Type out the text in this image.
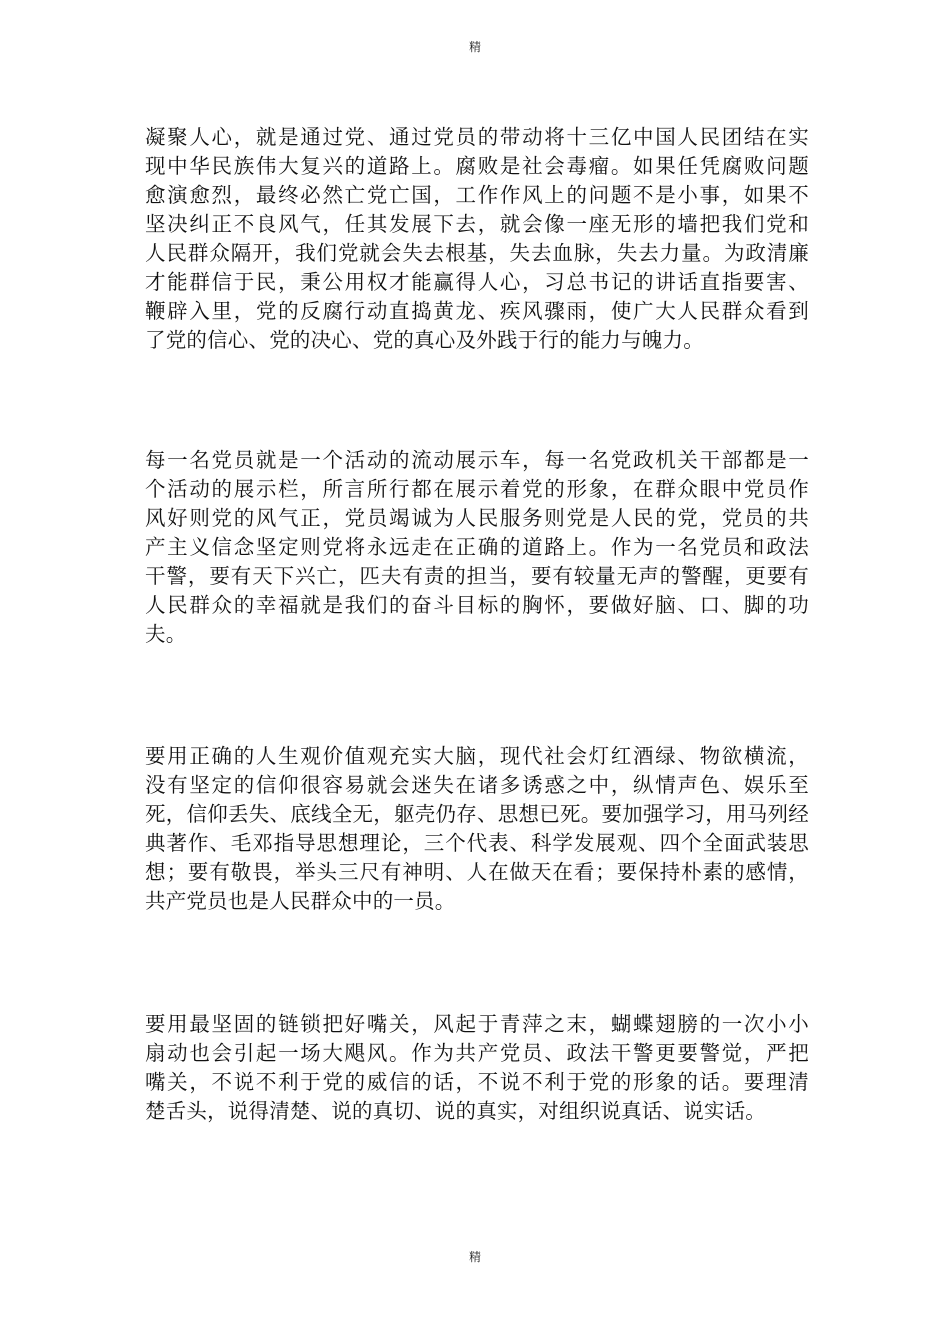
精
凝聚人心，就是通过党、通过党员的带动将十三亿中国人民团结在实
现中华民族伟大复兴的道路上。腐败是社会毒瘤。如果任凭腐败问题
愈演愈烈，最终必然亡党亡国，工作作风上的问题不是小事，如果不
坚决纠正不良风气，任其发展下去，就会像一座无形的墙把我们党和
人民群众隔开，我们党就会失去根基，失去血脉，失去力量。为政清廉
才能群信于民，秉公用权才能赢得人心，习总书记的讲话直指要害、
鞭辟入里，党的反腐行动直捣黄龙、疾风骤雨，使广大人民群众看到
了党的信心、党的决心、党的真心及外践于行的能力与魄力。
每一名党员就是一个活动的流动展示车，每一名党政机关干部都是一
个活动的展示栏，所言所行都在展示着党的形象，在群众眼中党员作
风好则党的风气正，党员竭诚为人民服务则党是人民的党，党员的共
产主义信念坚定则党将永远走在正确的道路上。作为一名党员和政法
干警，要有天下兴亡，匹夫有责的担当，要有较量无声的警醒，更要有
人民群众的幸福就是我们的奋斗目标的胸怀，要做好脑、口、脚的功
夫。
要用正确的人生观价值观充实大脑，现代社会灯红酒绿、物欲横流，
没有坚定的信仰很容易就会迷失在诸多诱惑之中，纵情声色、娱乐至
死，信仰丢失、底线全无，躯壳仍存、思想已死。要加强学习，用马列经
典著作、毛邓指导思想理论，三个代表、科学发展观、四个全面武装思
想；要有敬畏，举头三尺有神明、人在做天在看；要保持朴素的感情，
共产党员也是人民群众中的一员。
要用最坚固的链锁把好嘴关，风起于青萍之末，蝴蝶翅膀的一次小小
扇动也会引起一场大飓风。作为共产党员、政法干警更要警觉，严把
嘴关，不说不利于党的威信的话，不说不利于党的形象的话。要理清
楚舌头，说得清楚、说的真切、说的真实，对组织说真话、说实话。
精
